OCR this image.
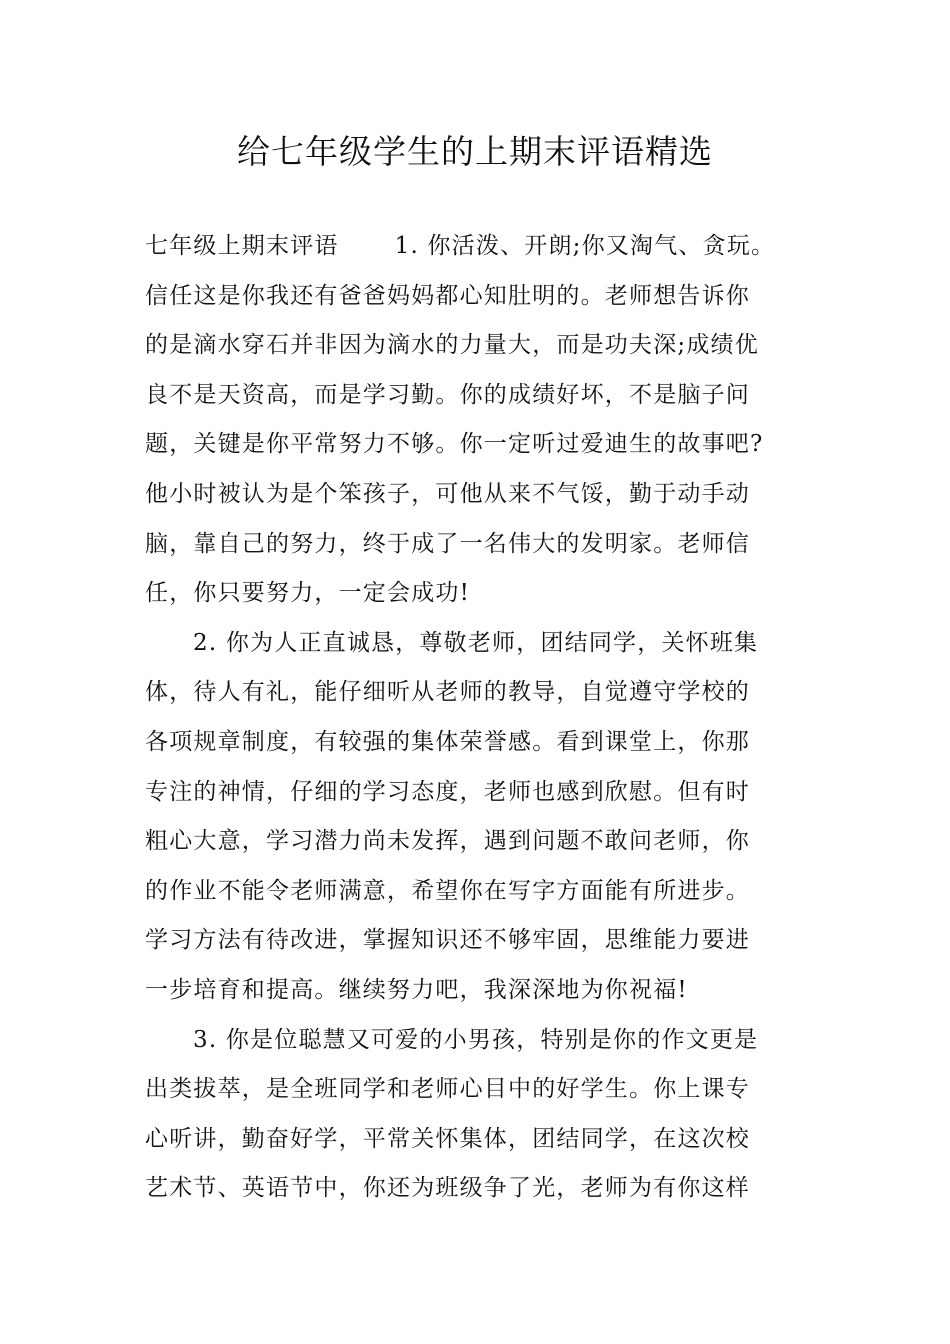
给七年级学生的上期末评语精选
七年级上期末评语 1. 你活泼、开朗;你又淘气、贪玩。
信任这是你我还有爸爸妈妈都心知肚明的。老师想告诉你
的是滴水穿石并非因为滴水的力量大，而是功夫深;成绩优
良不是天资高，而是学习勤。你的成绩好坏，不是脑子问
题，关键是你平常努力不够。你一定听过爱迪生的故事吧?
他小时被认为是个笨孩子，可他从来不气馁，勤于动手动
脑，靠自己的努力，终于成了一名伟大的发明家。老师信
任，你只要努力，一定会成功!
2. 你为人正直诚恳，尊敬老师，团结同学，关怀班集
体，待人有礼，能仔细听从老师的教导，自觉遵守学校的
各项规章制度，有较强的集体荣誉感。看到课堂上，你那
专注的神情，仔细的学习态度，老师也感到欣慰。但有时
粗心大意，学习潜力尚未发挥，遇到问题不敢问老师，你
的作业不能令老师满意，希望你在写字方面能有所进步。
学习方法有待改进，掌握知识还不够牢固，思维能力要进
一步培育和提高。继续努力吧，我深深地为你祝福!
3. 你是位聪慧又可爱的小男孩，特别是你的作文更是
出类拔萃，是全班同学和老师心目中的好学生。你上课专
心听讲，勤奋好学，平常关怀集体，团结同学，在这次校
艺术节、英语节中，你还为班级争了光，老师为有你这样
